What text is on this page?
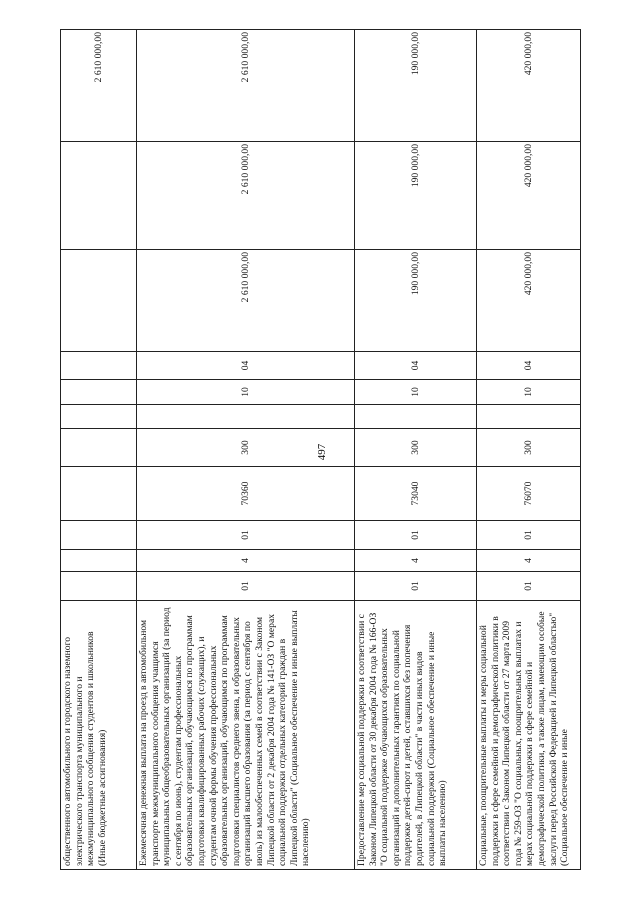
497
общественного автомобильного и городского наземного электрического транспорта муниципального и межмуниципального сообщения студентов и школьников (Иные бюджетные ассигнования)											2 610 000,00
Ежемесячная денежная выплата на проезд в автомобильном транспорте межмуниципального сообщения учащимся муниципальных общеобразовательных организаций (за период с сентября по июнь), студентам профессиональных образовательных организаций, обучающимся по программам подготовки квалифицированных рабочих (служащих), и студентам очной формы обучения профессиональных образовательных организаций, обучающимся по программам подготовки специалистов среднего звена, и образовательных организаций высшего образования (за период с сентября по июль) из малообеспеченных семей в соответствии с Законом Липецкой области от 2 декабря 2004 года № 141-ОЗ "О мерах социальной поддержки отдельных категорий граждан в Липецкой области" (Социальное обеспечение и иные выплаты населению)	01	4	01	70360	300		10	04	2 610 000,00	2 610 000,00	2 610 000,00
Предоставление мер социальной поддержки в соответствии с Законом Липецкой области от 30 декабря 2004 года № 166-ОЗ "О социальной поддержке обучающихся образовательных организаций и дополнительных гарантиях по социальной поддержке детей-сирот и детей, оставшихся без попечения родителей, в Липецкой области" в части иных видов социальной поддержки (Социальное обеспечение и иные выплаты населению)	01	4	01	73040	300		10	04	190 000,00	190 000,00	190 000,00
Социальные, поощрительные выплаты и меры социальной поддержки в сфере семейной и демографической политики в соответствии с Законом Липецкой области от 27 марта 2009 года № 259-ОЗ "О социальных, поощрительных выплатах и мерах социальной поддержки в сфере семейной и демографической политики, а также лицам, имеющим особые заслуги перед Российской Федерацией и Липецкой областью" (Социальное обеспечение и иные	01	4	01	76070	300		10	04	420 000,00	420 000,00	420 000,00
